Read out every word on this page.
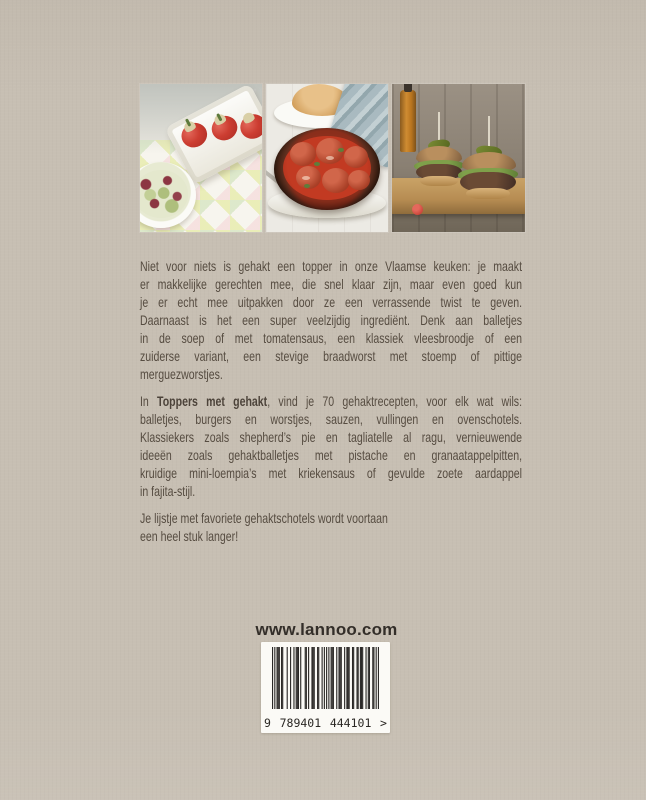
Niet voor niets is gehakt een topper in onze Vlaamse keuken: je maakt
er makkelijke gerechten mee, die snel klaar zijn, maar even goed kun
je er echt mee uitpakken door ze een verrassende twist te geven.
Daarnaast is het een super veelzijdig ingrediënt. Denk aan balletjes
in de soep of met tomatensaus, een klassiek vleesbroodje of een
zuiderse variant, een stevige braadworst met stoemp of pittige
merguezworstjes.

In Toppers met gehakt, vind je 70 gehaktrecepten, voor elk wat wils:
balletjes, burgers en worstjes, sauzen, vullingen en ovenschotels.
Klassiekers zoals shepherd’s pie en tagliatelle al ragu, vernieuwende
ideeën zoals gehaktballetjes met pistache en granaatappelpitten,
kruidige mini-loempia’s met kriekensaus of gevulde zoete aardappel
in fajita-stijl.

Je lijstje met favoriete gehaktschotels wordt voortaan
een heel stuk langer!

www.lannoo.com
9 789401 444101 >
